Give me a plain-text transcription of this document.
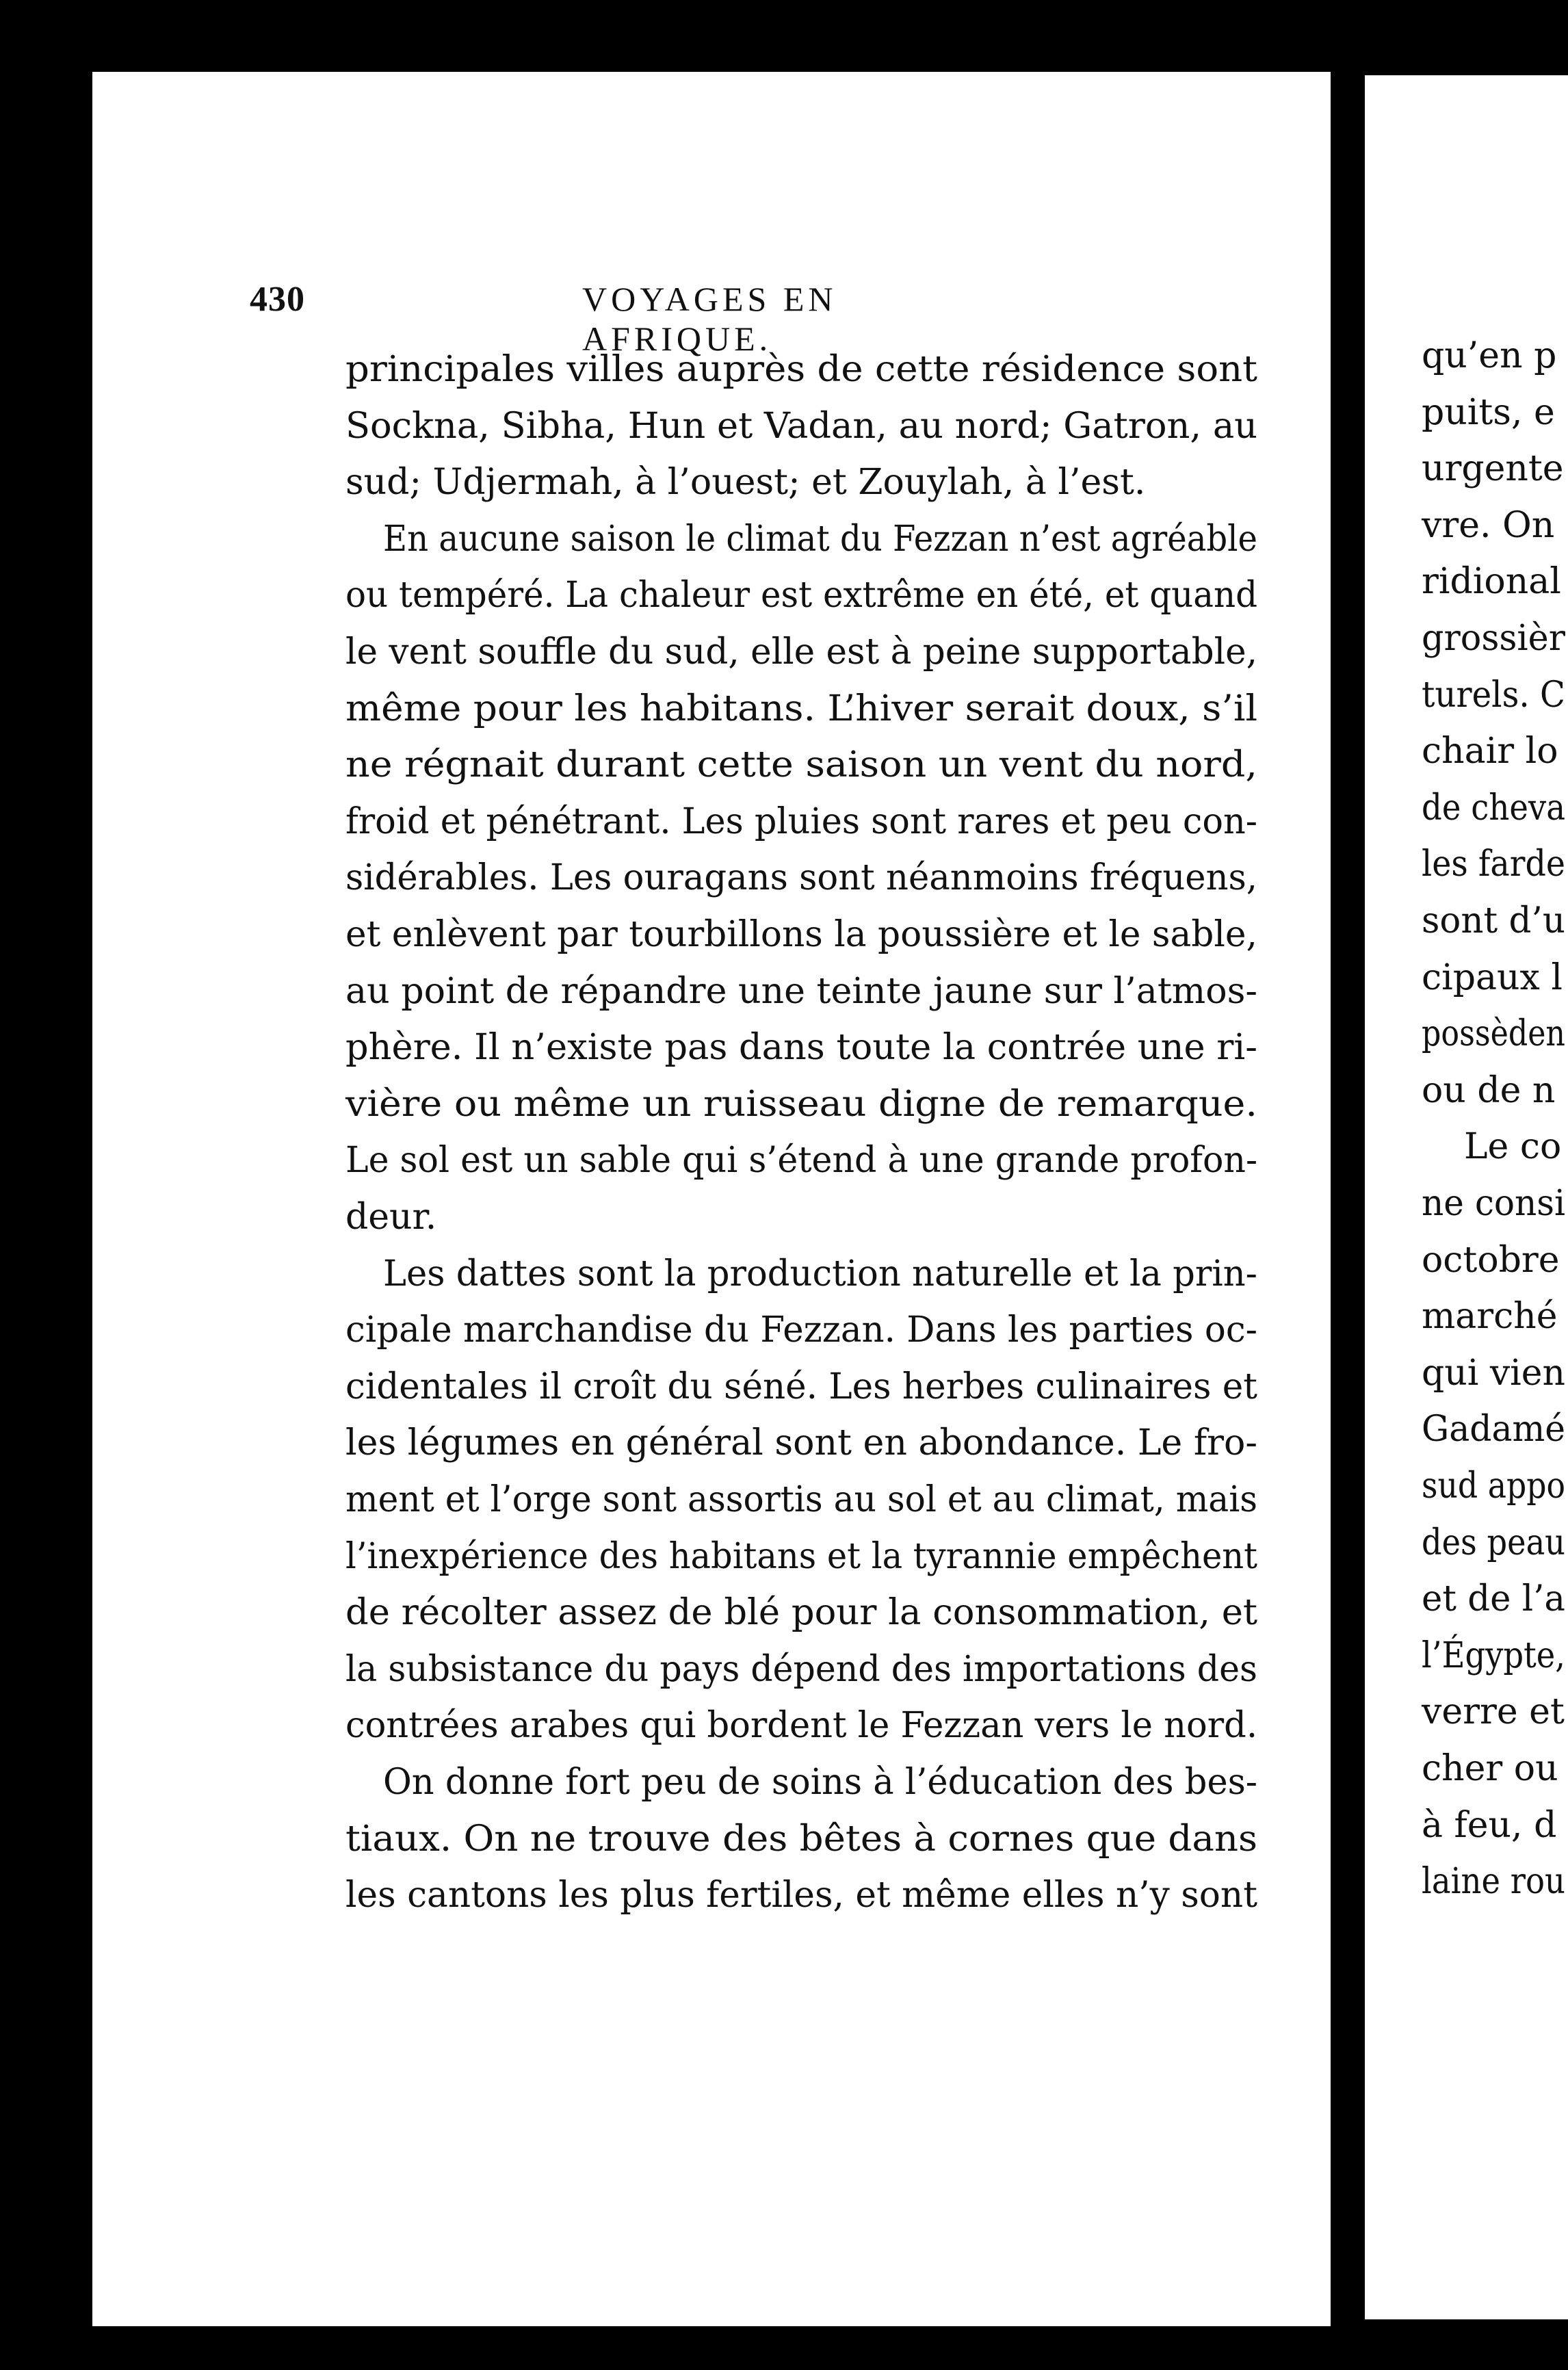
430	VOYAGES EN AFRIQUE.
principales villes auprès de cette résidence sont
Sockna, Sibha, Hun et Vadan, au nord; Gatron, au
sud; Udjermah, à l’ouest; et Zouylah, à l’est.
En aucune saison le climat du Fezzan n’est agréable
ou tempéré. La chaleur est extrême en été, et quand
le vent souffle du sud, elle est à peine supportable,
même pour les habitans. L’hiver serait doux, s’il
ne régnait durant cette saison un vent du nord,
froid et pénétrant. Les pluies sont rares et peu con-
sidérables. Les ouragans sont néanmoins fréquens,
et enlèvent par tourbillons la poussière et le sable,
au point de répandre une teinte jaune sur l’atmos-
phère. Il n’existe pas dans toute la contrée une ri-
vière ou même un ruisseau digne de remarque.
Le sol est un sable qui s’étend à une grande profon-
deur.
Les dattes sont la production naturelle et la prin-
cipale marchandise du Fezzan. Dans les parties oc-
cidentales il croît du séné. Les herbes culinaires et
les légumes en général sont en abondance. Le fro-
ment et l’orge sont assortis au sol et au climat, mais
l’inexpérience des habitans et la tyrannie empêchent
de récolter assez de blé pour la consommation, et
la subsistance du pays dépend des importations des
contrées arabes qui bordent le Fezzan vers le nord.
On donne fort peu de soins à l’éducation des bes-
tiaux. On ne trouve des bêtes à cornes que dans
les cantons les plus fertiles, et même elles n’y sont
qu’en p
puits, e
urgente
vre. On
ridional
grossièr
turels. C
chair lo
de cheva
les farde
sont d’u
cipaux l
possèden
ou de n
Le co
ne consi
octobre
marché
qui vien
Gadamé
sud appo
des peau
et de l’a
l’Égypte,
verre et
cher ou
à feu, d
laine rou
